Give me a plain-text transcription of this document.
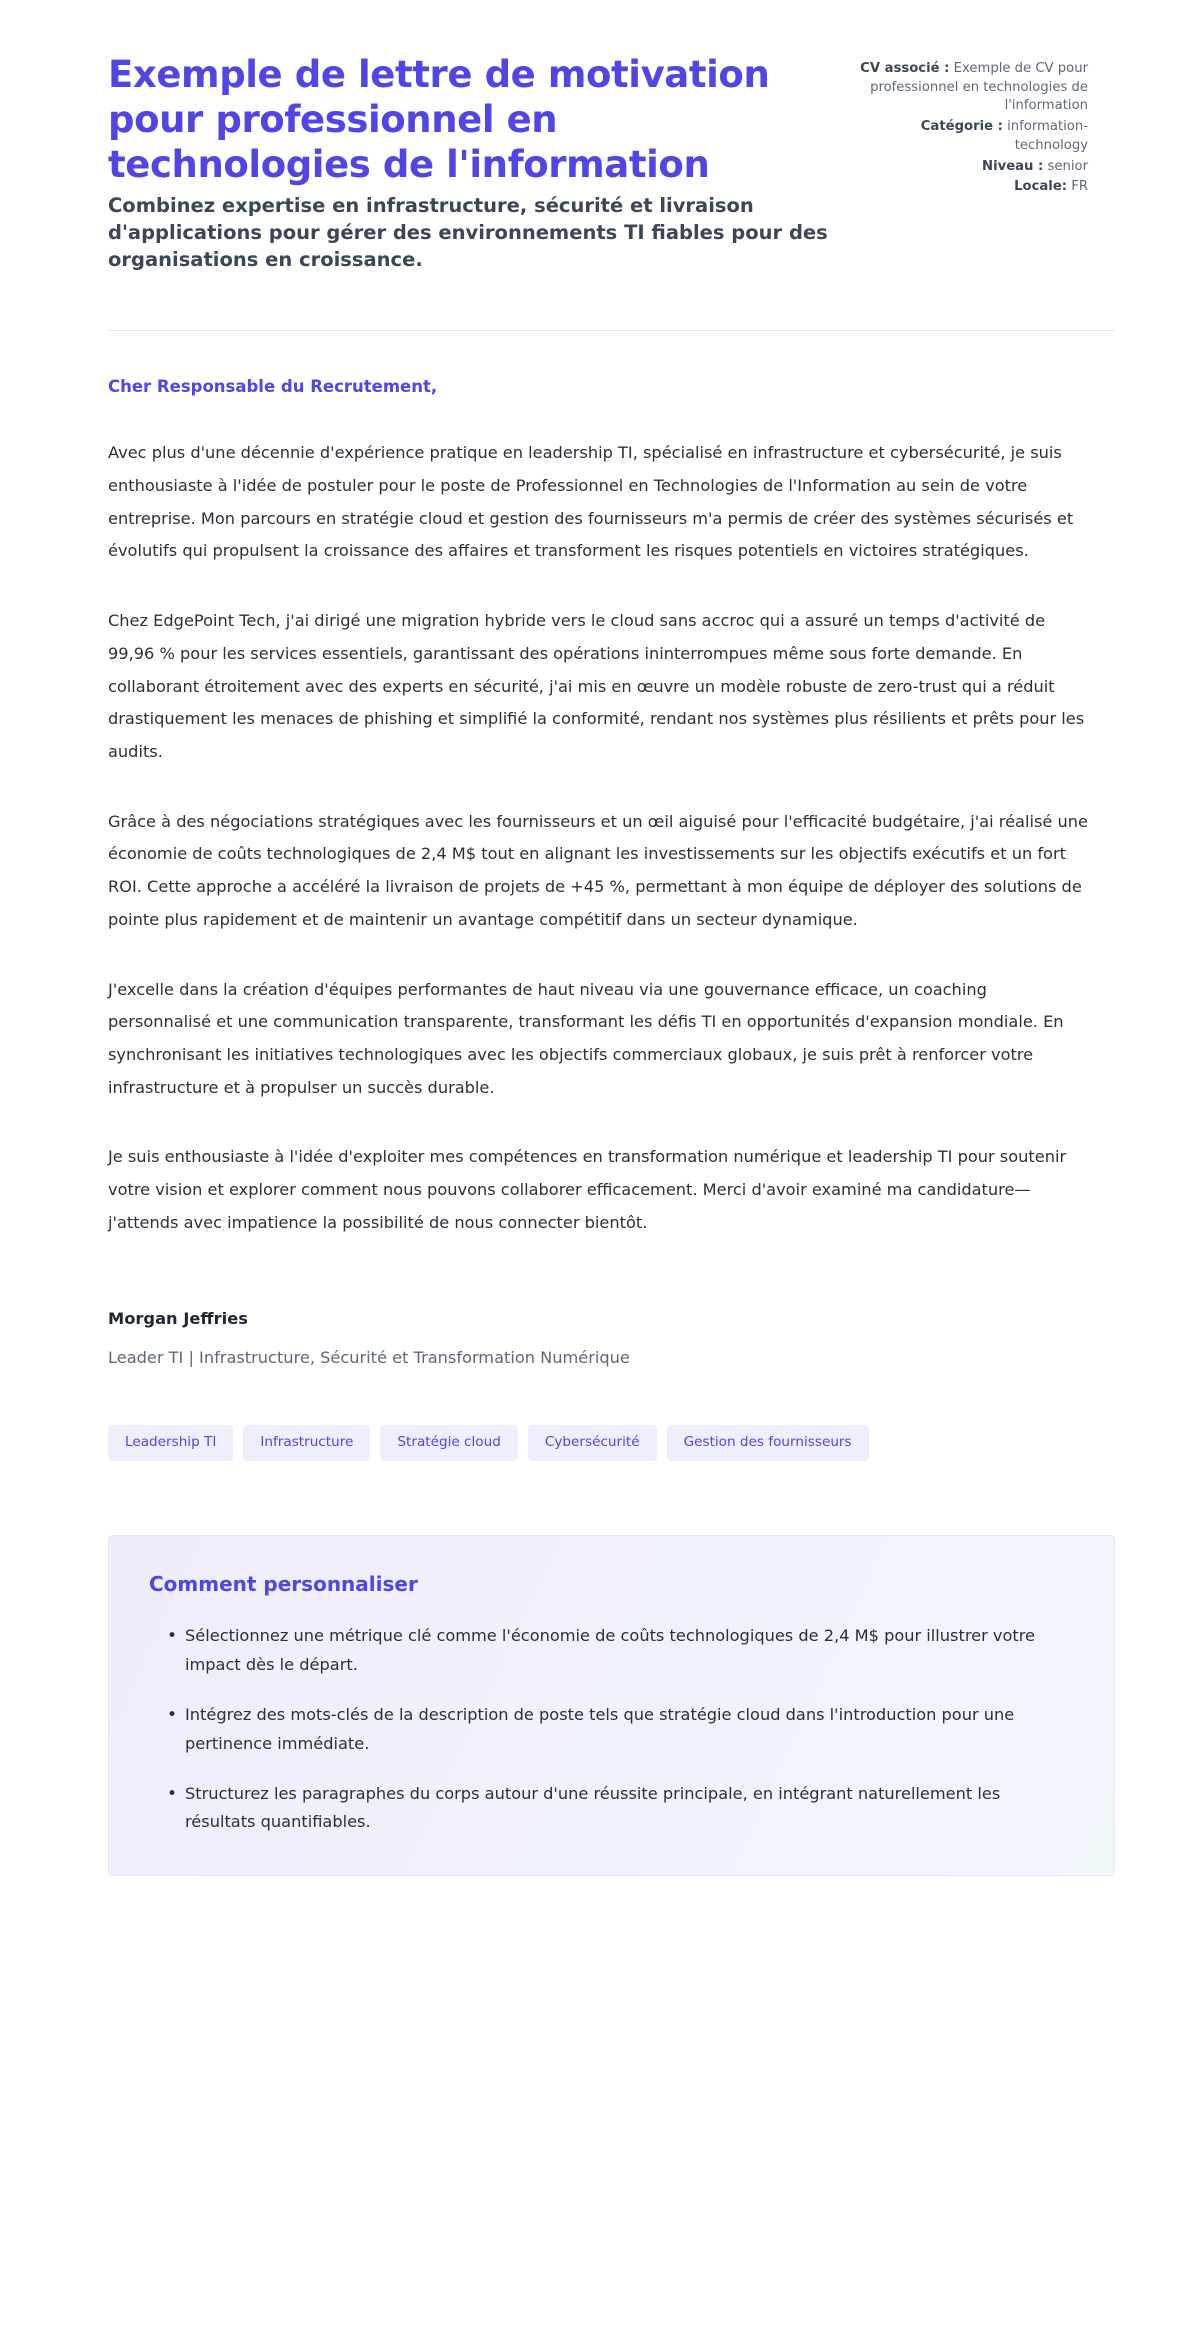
Exemple de lettre de motivation pour professionnel en technologies de l'information

Combinez expertise en infrastructure, sécurité et livraison d'applications pour gérer des environnements TI fiables pour des organisations en croissance.

CV associé : Exemple de CV pour professionnel en technologies de l'information
Catégorie : information-technology
Niveau : senior
Locale: FR

Cher Responsable du Recrutement,

Avec plus d'une décennie d'expérience pratique en leadership TI, spécialisé en infrastructure et cybersécurité, je suis enthousiaste à l'idée de postuler pour le poste de Professionnel en Technologies de l'Information au sein de votre entreprise. Mon parcours en stratégie cloud et gestion des fournisseurs m'a permis de créer des systèmes sécurisés et évolutifs qui propulsent la croissance des affaires et transforment les risques potentiels en victoires stratégiques.

Chez EdgePoint Tech, j'ai dirigé une migration hybride vers le cloud sans accroc qui a assuré un temps d'activité de 99,96 % pour les services essentiels, garantissant des opérations ininterrompues même sous forte demande. En collaborant étroitement avec des experts en sécurité, j'ai mis en œuvre un modèle robuste de zero-trust qui a réduit drastiquement les menaces de phishing et simplifié la conformité, rendant nos systèmes plus résilients et prêts pour les audits.

Grâce à des négociations stratégiques avec les fournisseurs et un œil aiguisé pour l'efficacité budgétaire, j'ai réalisé une économie de coûts technologiques de 2,4 M$ tout en alignant les investissements sur les objectifs exécutifs et un fort ROI. Cette approche a accéléré la livraison de projets de +45 %, permettant à mon équipe de déployer des solutions de pointe plus rapidement et de maintenir un avantage compétitif dans un secteur dynamique.

J'excelle dans la création d'équipes performantes de haut niveau via une gouvernance efficace, un coaching personnalisé et une communication transparente, transformant les défis TI en opportunités d'expansion mondiale. En synchronisant les initiatives technologiques avec les objectifs commerciaux globaux, je suis prêt à renforcer votre infrastructure et à propulser un succès durable.

Je suis enthousiaste à l'idée d'exploiter mes compétences en transformation numérique et leadership TI pour soutenir votre vision et explorer comment nous pouvons collaborer efficacement. Merci d'avoir examiné ma candidature—j'attends avec impatience la possibilité de nous connecter bientôt.

Morgan Jeffries

Leader TI | Infrastructure, Sécurité et Transformation Numérique

Leadership TI	Infrastructure	Stratégie cloud	Cybersécurité	Gestion des fournisseurs
Comment personnaliser
• Sélectionnez une métrique clé comme l'économie de coûts technologiques de 2,4 M$ pour illustrer votre impact dès le départ.
• Intégrez des mots-clés de la description de poste tels que stratégie cloud dans l'introduction pour une pertinence immédiate.
• Structurez les paragraphes du corps autour d'une réussite principale, en intégrant naturellement les résultats quantifiables.
